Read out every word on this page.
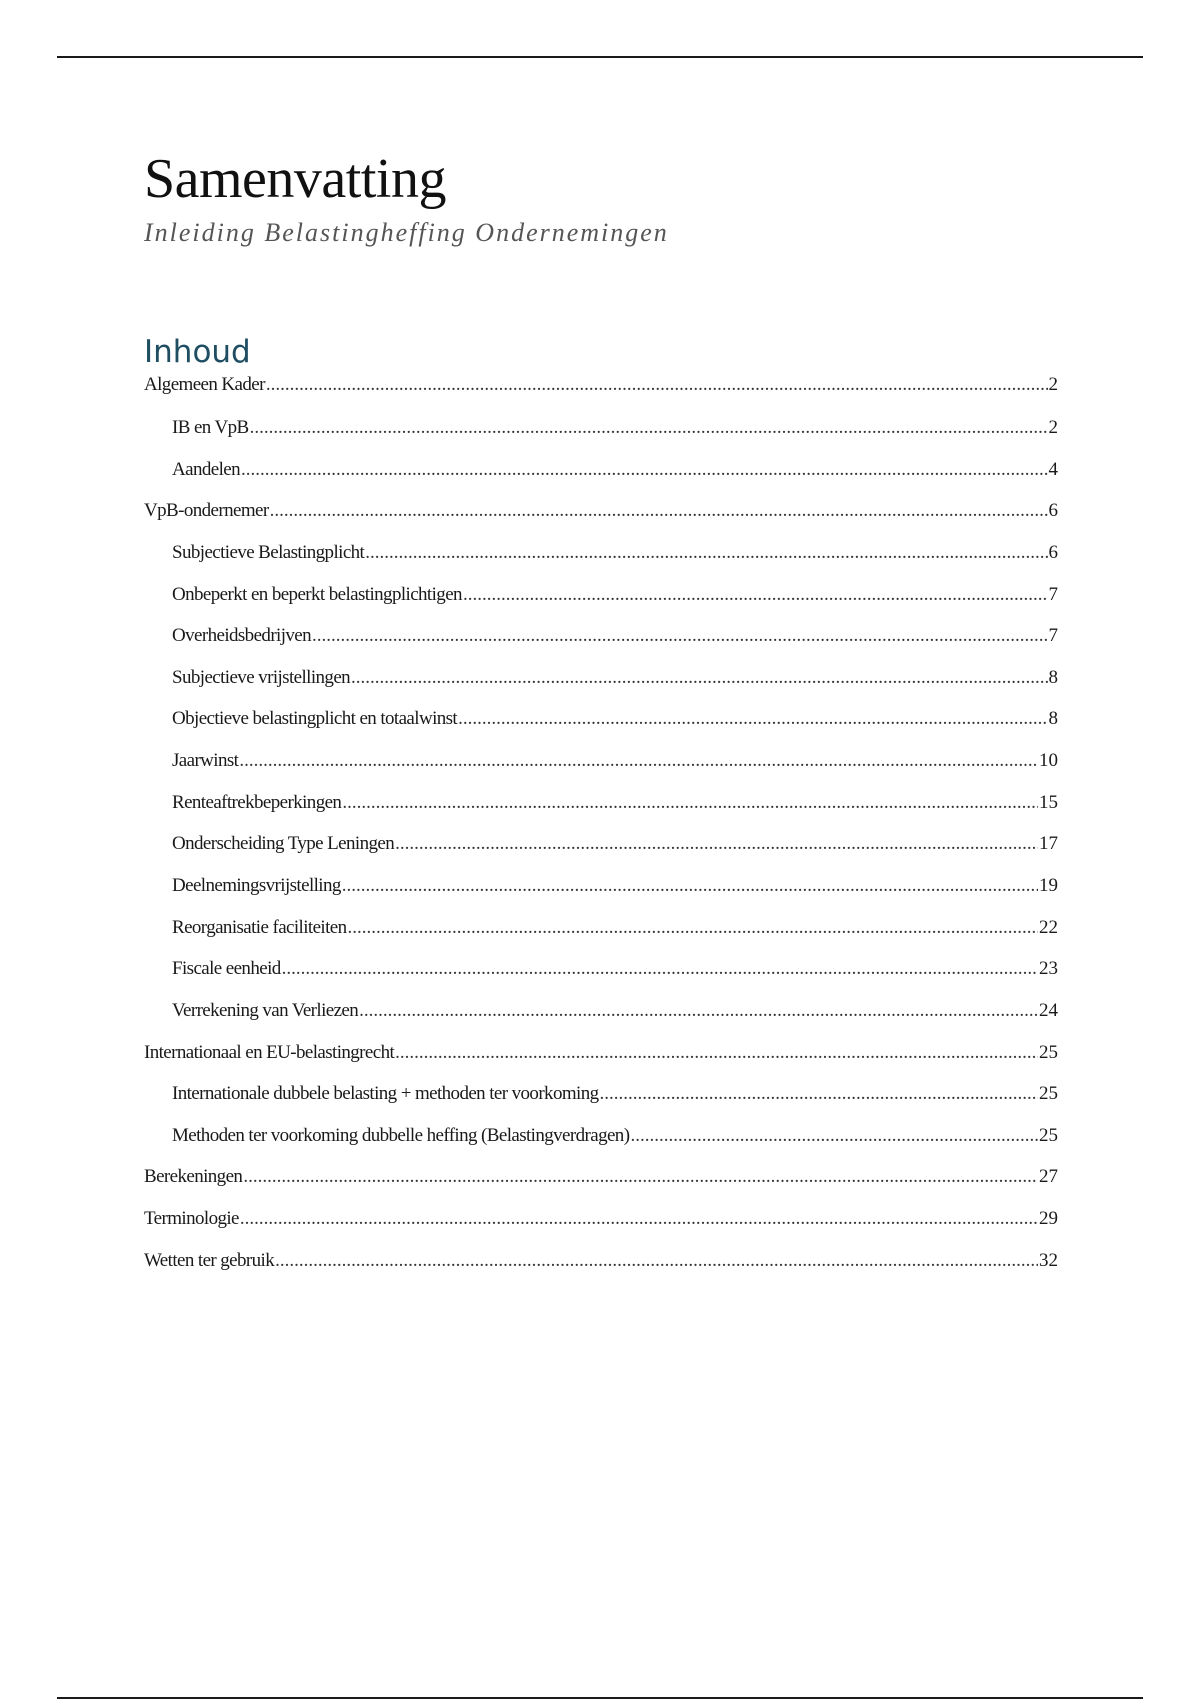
Samenvatting

Inleiding Belastingheffing Ondernemingen

Inhoud
Algemeen Kader .....	2
IB en VpB .....	2
Aandelen .....	4
VpB-ondernemer .....	6
Subjectieve Belastingplicht .....	6
Onbeperkt en beperkt belastingplichtigen .....	7
Overheidsbedrijven .....	7
Subjectieve vrijstellingen .....	8
Objectieve belastingplicht en totaalwinst .....	8
Jaarwinst .....	10
Renteaftrekbeperkingen .....	15
Onderscheiding Type Leningen .....	17
Deelnemingsvrijstelling .....	19
Reorganisatie faciliteiten .....	22
Fiscale eenheid .....	23
Verrekening van Verliezen .....	24
Internationaal en EU-belastingrecht .....	25
Internationale dubbele belasting + methoden ter voorkoming .....	25
Methoden ter voorkoming dubbelle heffing (Belastingverdragen) .....	25
Berekeningen .....	27
Terminologie .....	29
Wetten ter gebruik .....	32
